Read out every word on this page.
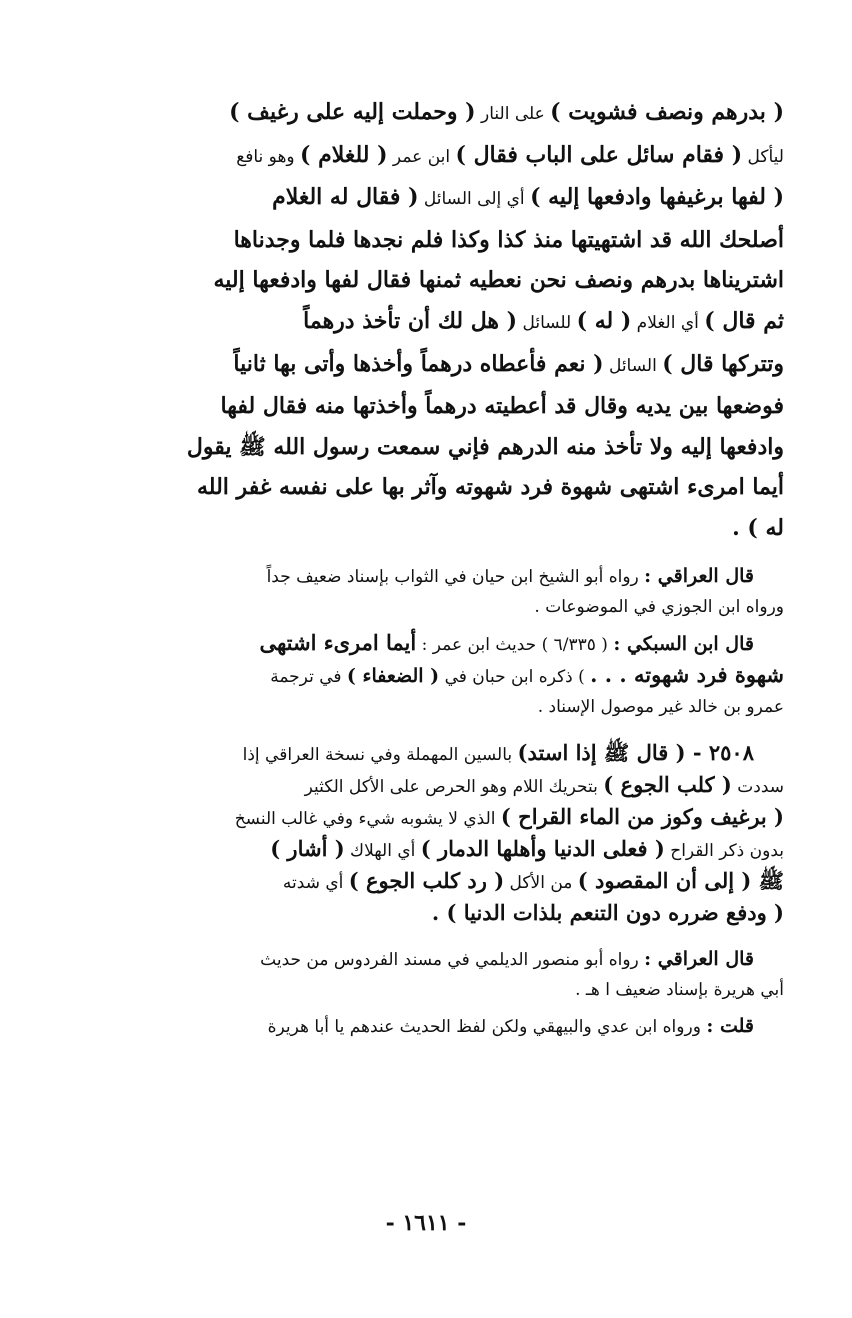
( بدرهم ونصف فشويت ) على النار ( وحملت إليه على رغيف )
ليأكل ( فقام سائل على الباب فقال ) ابن عمر ( للغلام ) وهو نافع
( لفها برغيفها وادفعها إليه ) أي إلى السائل ( فقال له الغلام
أصلحك الله قد اشتهيتها منذ كذا وكذا فلم نجدها فلما وجدناها
اشتريناها بدرهم ونصف نحن نعطيه ثمنها فقال لفها وادفعها إليه
ثم قال ) أي الغلام ( له ) للسائل ( هل لك أن تأخذ درهماً
وتتركها قال ) السائل ( نعم فأعطاه درهماً وأخذها وأتى بها ثانياً
فوضعها بين يديه وقال قد أعطيته درهماً وأخذتها منه فقال لفها
وادفعها إليه ولا تأخذ منه الدرهم فإني سمعت رسول الله ﷺ يقول
أيما امرىء اشتهى شهوة فرد شهوته وآثر بها على نفسه غفر الله
له ) .

قال العراقي : رواه أبو الشيخ ابن حيان في الثواب بإسناد ضعيف جداً
ورواه ابن الجوزي في الموضوعات .

قال ابن السبكي : ( ٦/٣٣٥ ) حديث ابن عمر : أيما امرىء اشتهى
شهوة فرد شهوته . . . ) ذكره ابن حبان في ( الضعفاء ) في ترجمة
عمرو بن خالد غير موصول الإسناد .

٢٥٠٨ - ( قال ﷺ إذا استد) بالسين المهملة وفي نسخة العراقي إذا
سددت ( كلب الجوع ) بتحريك اللام وهو الحرص على الأكل الكثير
( برغيف وكوز من الماء القراح ) الذي لا يشوبه شيء وفي غالب النسخ
بدون ذكر القراح ( فعلى الدنيا وأهلها الدمار ) أي الهلاك ( أشار )
ﷺ ( إلى أن المقصود ) من الأكل ( رد كلب الجوع ) أي شدته
( ودفع ضرره دون التنعم بلذات الدنيا ) .

قال العراقي : رواه أبو منصور الديلمي في مسند الفردوس من حديث
أبي هريرة بإسناد ضعيف ا هـ .

قلت : ورواه ابن عدي والبيهقي ولكن لفظ الحديث عندهم يا أبا هريرة

- ١٦١١ -
